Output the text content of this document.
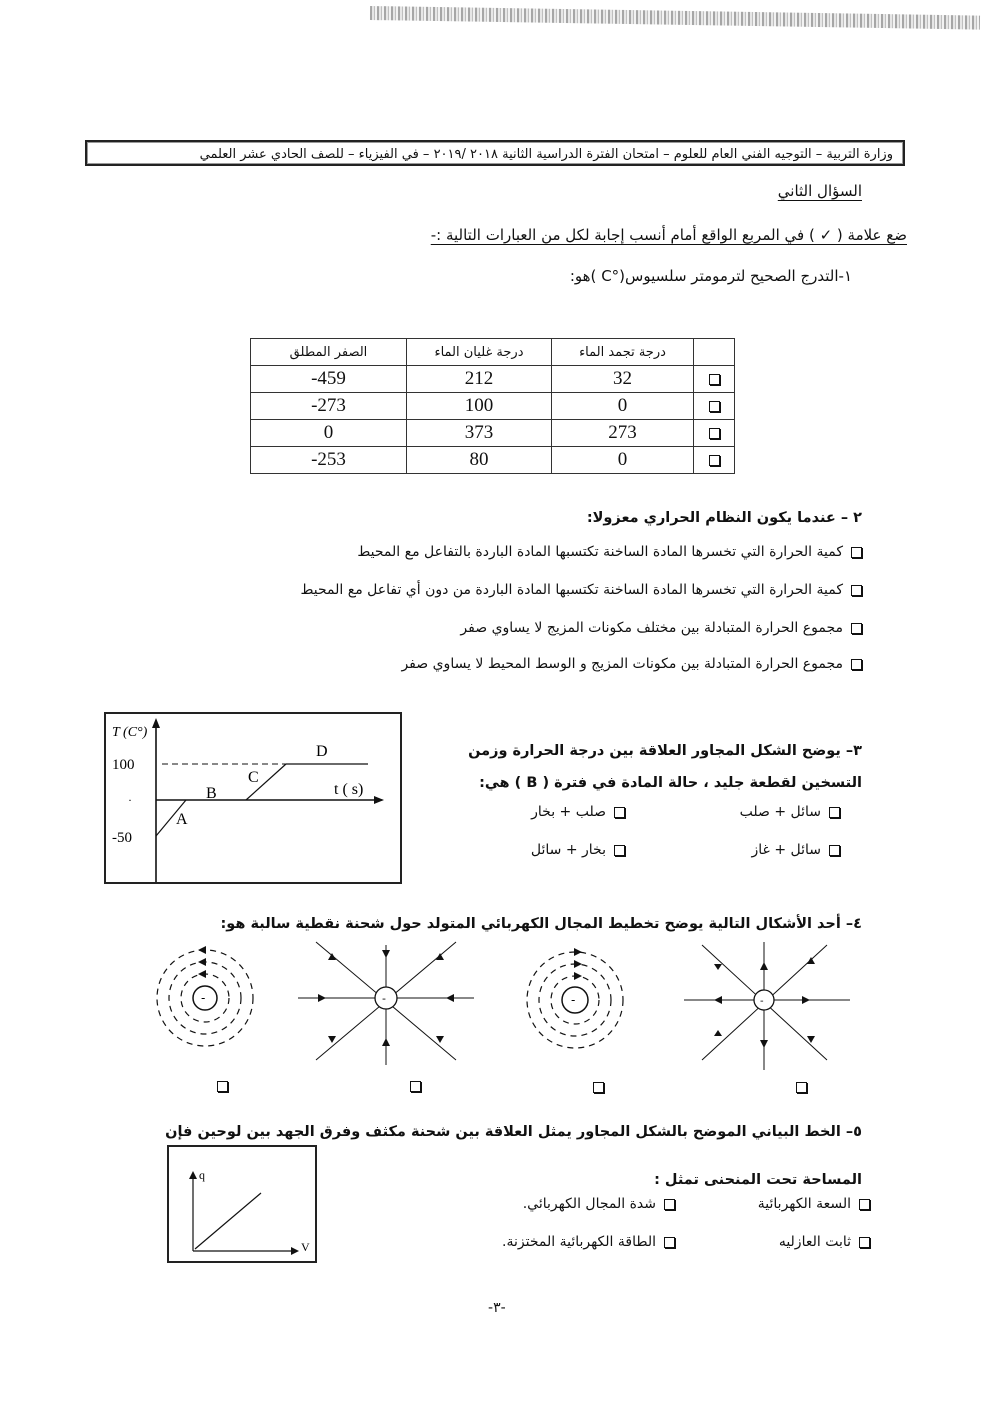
وزارة التربية – التوجيه الفني العام للعلوم – امتحان الفترة الدراسية الثانية ٢٠١٨ /٢٠١٩ – في الفيزياء – للصف الحادي عشر العلمي
السؤال الثاني
ضع علامة ( ✓ ) في المربع الواقع أمام أنسب إجابة لكل من العبارات التالية :-
١-التدرج الصحيح لترمومتر سلسيوس(°C )هو:
الصفر المطلق	درجة غليان الماء	درجة تجمد الماء	
-459	212	32	
-273	100	0	
0	373	273	
-253	80	0	
٢ – عندما يكون النظام الحراري معزولا:
كمية الحرارة التي تخسرها المادة الساخنة تكتسبها المادة الباردة بالتفاعل مع المحيط
كمية الحرارة التي تخسرها المادة الساخنة تكتسبها المادة الباردة من دون أي تفاعل مع المحيط
مجموع الحرارة المتبادلة بين مختلف مكونات المزيج لا يساوي صفر
مجموع الحرارة المتبادلة بين مكونات المزيج و الوسط المحيط لا يساوي صفر
T (C°)
100
·
-50
D
C
B
A
t ( s)
٣– يوضح الشكل المجاور العلاقة بين درجة الحرارة وزمن التسخين لقطعة جليد ، حالة المادة في فترة ( B ) هي:
سائل + صلب
صلب + بخار
سائل + غاز
بخار + سائل
٤– أحد الأشكال التالية يوضح تخطيط المجال الكهربائي المتولد حول شحنة نقطية سالبة هو:
-	-	-	-
٥– الخط البياني الموضح بالشكل المجاور يمثل العلاقة بين شحنة مكثف وفرق الجهد بين لوحين فإن المساحة تحت المنحنى تمثل :
q
V
السعة الكهربائية
شدة المجال الكهربائي.
ثابت العازليه
الطاقة الكهربائية المختزنة.
-٣-
